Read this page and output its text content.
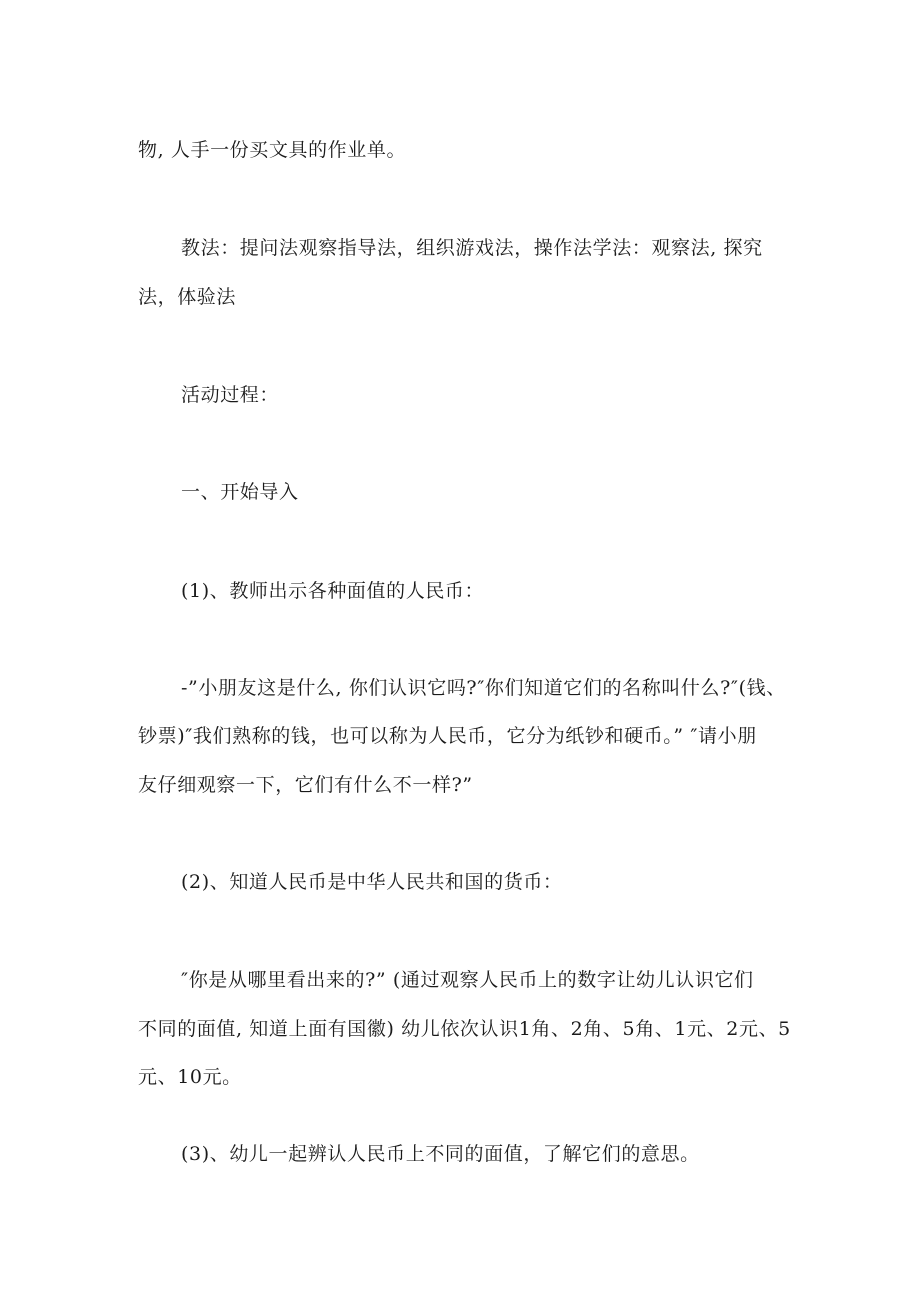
物, 人手一份买文具的作业单。
教法：提问法观察指导法，组织游戏法，操作法学法：观察法, 探究
法，体验法
活动过程：
一、开始导入
(1)、教师出示各种面值的人民币：
-”小朋友这是什么, 你们认识它吗?″你们知道它们的名称叫什么?″(钱、
钞票)″我们熟称的钱，也可以称为人民币，它分为纸钞和硬币。” ″请小朋
友仔细观察一下，它们有什么不一样?”
(2)、知道人民币是中华人民共和国的货币：
″你是从哪里看出来的?” (通过观察人民币上的数字让幼儿认识它们
不同的面值, 知道上面有国徽) 幼儿依次认识1角、2角、5角、1元、2元、5
元、10元。
(3)、幼儿一起辨认人民币上不同的面值，了解它们的意思。
